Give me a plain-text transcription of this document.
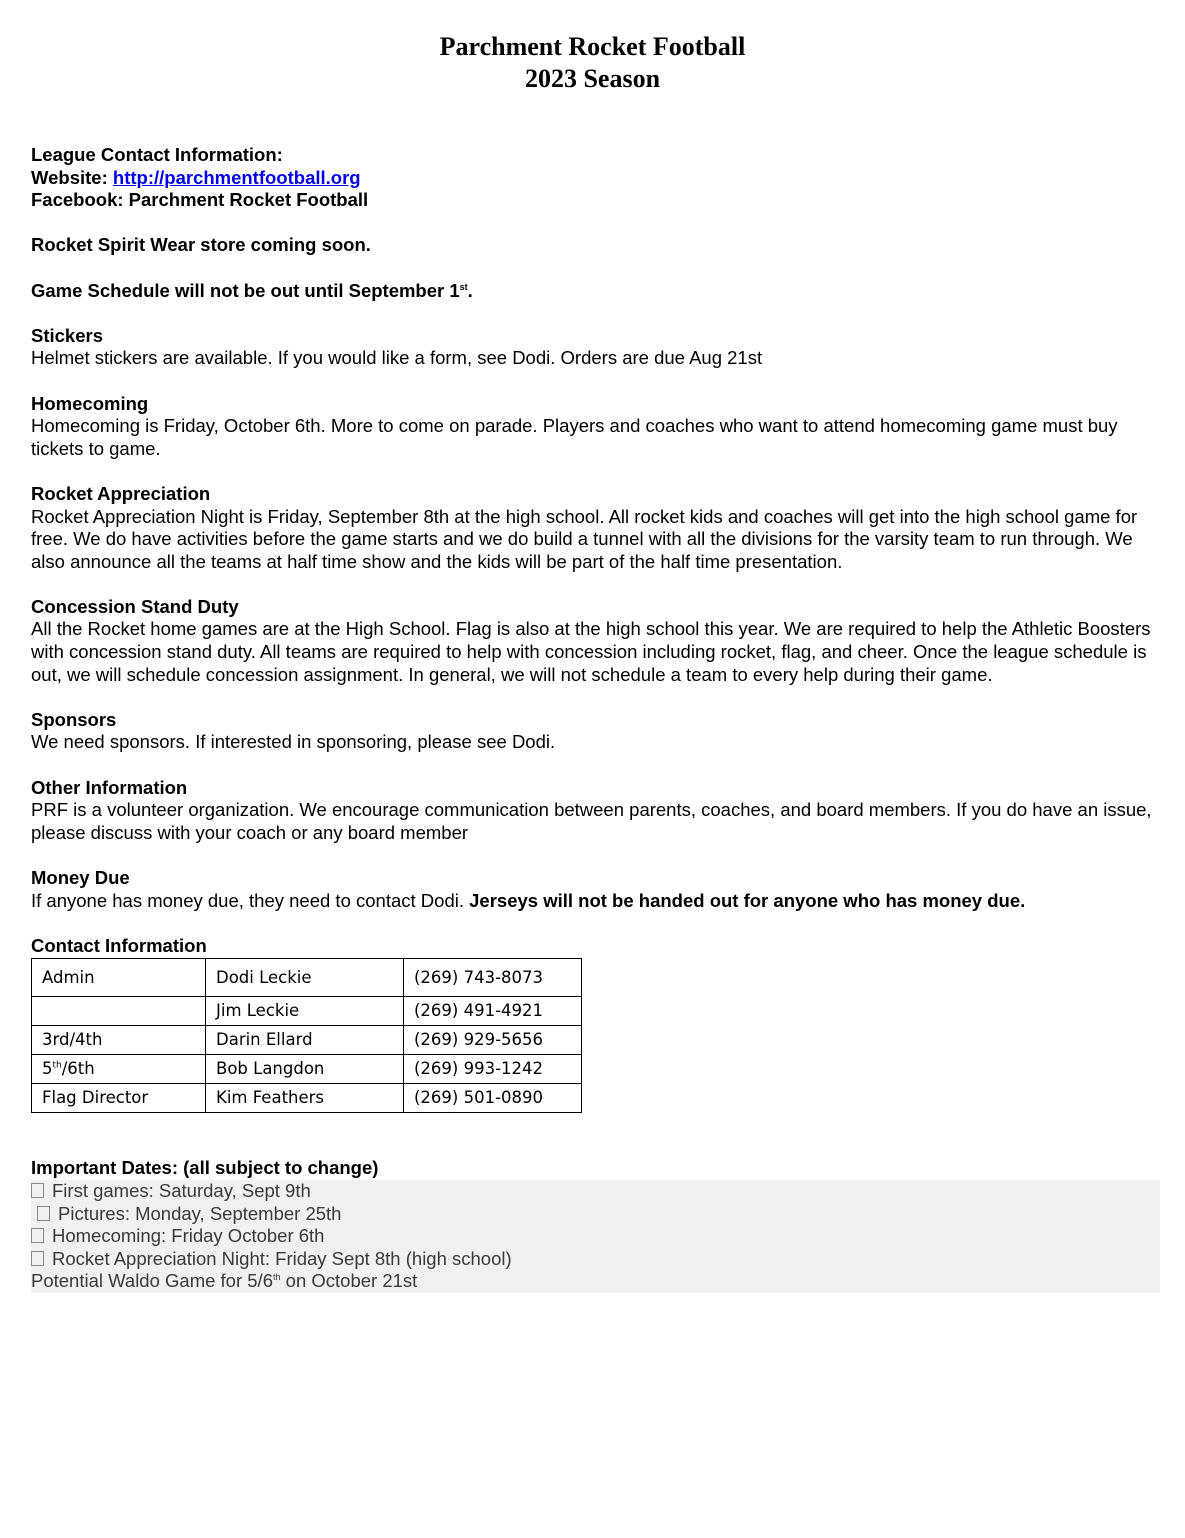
Parchment Rocket Football
2023 Season

League Contact Information:

Website: http://parchmentfootball.org

Facebook: Parchment Rocket Football

Rocket Spirit Wear store coming soon.

Game Schedule will not be out until September 1st.

Stickers

Helmet stickers are available. If you would like a form, see Dodi. Orders are due Aug 21st

Homecoming

Homecoming is Friday, October 6th. More to come on parade. Players and coaches who want to attend homecoming game must buy tickets to game.

Rocket Appreciation

Rocket Appreciation Night is Friday, September 8th at the high school. All rocket kids and coaches will get into the high school game for free. We do have activities before the game starts and we do build a tunnel with all the divisions for the varsity team to run through. We also announce all the teams at half time show and the kids will be part of the half time presentation.

Concession Stand Duty

All the Rocket home games are at the High School. Flag is also at the high school this year. We are required to help the Athletic Boosters with concession stand duty. All teams are required to help with concession including rocket, flag, and cheer. Once the league schedule is out, we will schedule concession assignment. In general, we will not schedule a team to every help during their game.

Sponsors

We need sponsors. If interested in sponsoring, please see Dodi.

Other Information

PRF is a volunteer organization. We encourage communication between parents, coaches, and board members. If you do have an issue, please discuss with your coach or any board member

Money Due

If anyone has money due, they need to contact Dodi. Jerseys will not be handed out for anyone who has money due.

Contact Information

Admin	Dodi Leckie	(269) 743-8073
	Jim Leckie	(269) 491-4921
3rd/4th	Darin Ellard	(269) 929-5656
5th/6th	Bob Langdon	(269) 993-1242
Flag Director	Kim Feathers	(269) 501-0890

Important Dates: (all subject to change)

First games: Saturday, Sept 9th

Pictures: Monday, September 25th

Homecoming: Friday October 6th

Rocket Appreciation Night: Friday Sept 8th (high school)

Potential Waldo Game for 5/6th on October 21st
